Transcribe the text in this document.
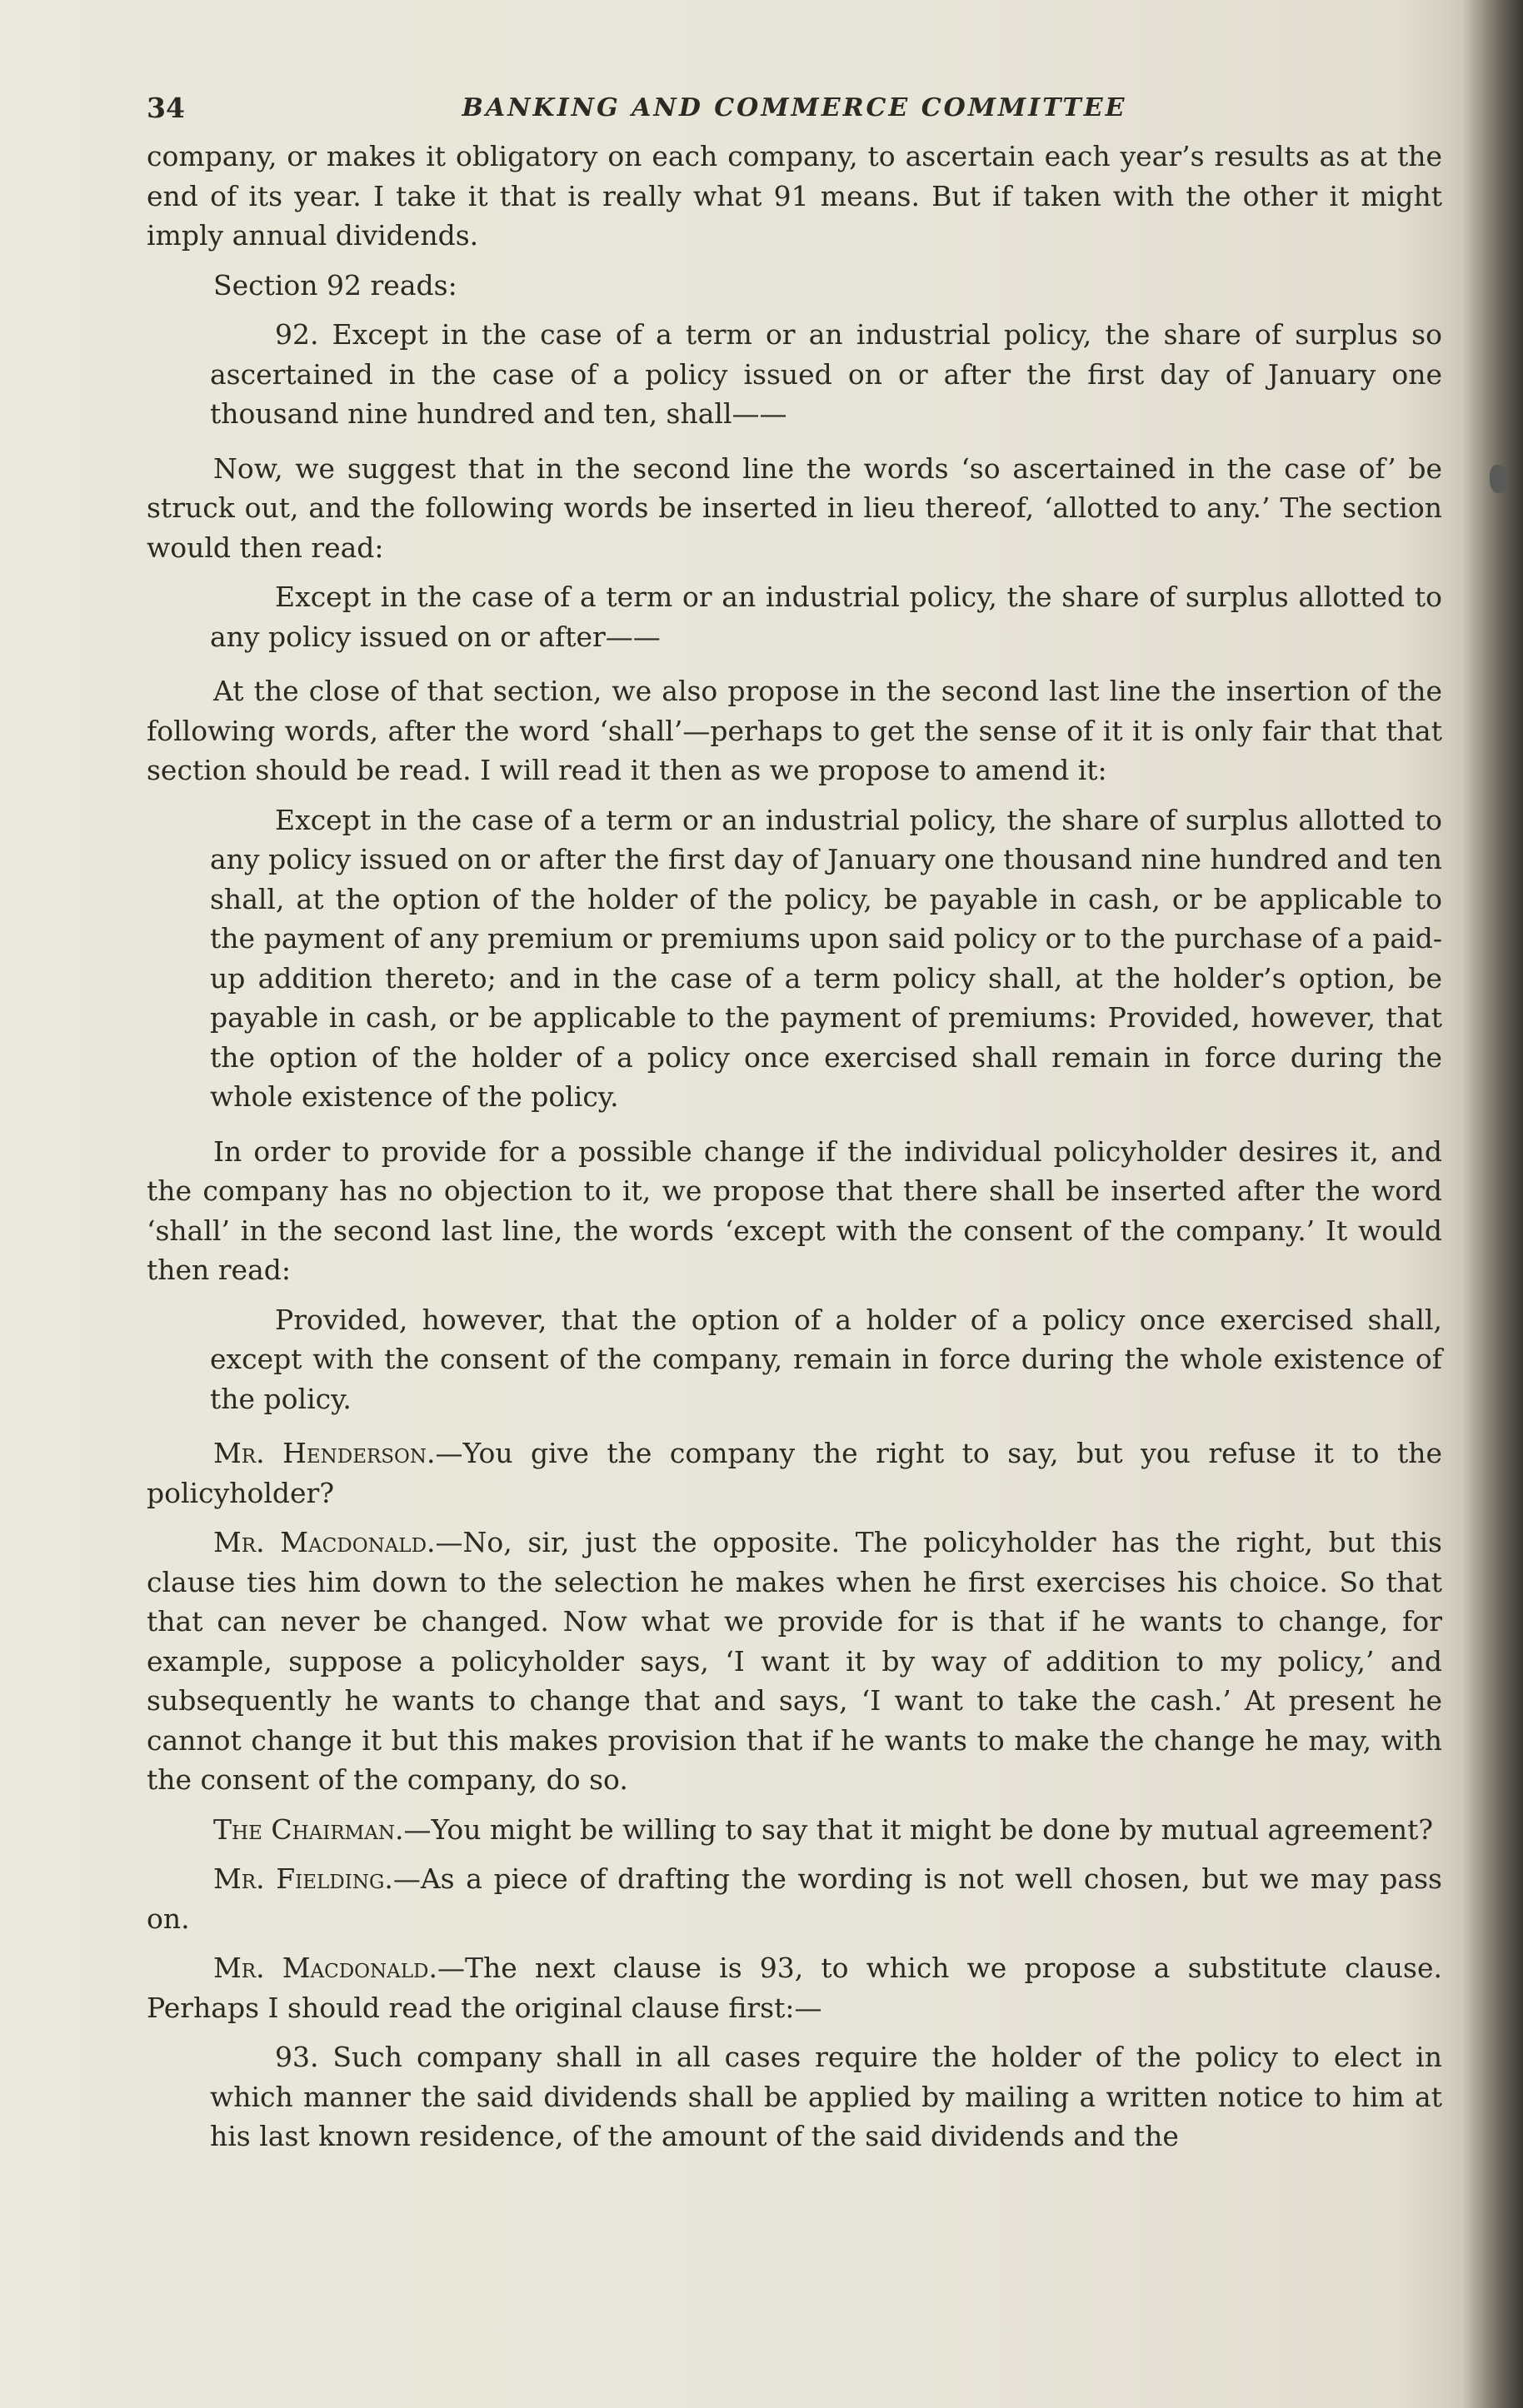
34	BANKING AND COMMERCE COMMITTEE

company, or makes it obligatory on each company, to ascertain each year’s results as at the end of its year. I take it that is really what 91 means. But if taken with the other it might imply annual dividends.

Section 92 reads:

92. Except in the case of a term or an industrial policy, the share of surplus so ascertained in the case of a policy issued on or after the first day of January one thousand nine hundred and ten, shall——

Now, we suggest that in the second line the words ‘so ascertained in the case of’ be struck out, and the following words be inserted in lieu thereof, ‘allotted to any.’ The section would then read:

Except in the case of a term or an industrial policy, the share of surplus allotted to any policy issued on or after——

At the close of that section, we also propose in the second last line the insertion of the following words, after the word ‘shall’—perhaps to get the sense of it it is only fair that that section should be read. I will read it then as we propose to amend it:

Except in the case of a term or an industrial policy, the share of surplus allotted to any policy issued on or after the first day of January one thousand nine hundred and ten shall, at the option of the holder of the policy, be payable in cash, or be applicable to the payment of any premium or premiums upon said policy or to the purchase of a paid-up addition thereto; and in the case of a term policy shall, at the holder’s option, be payable in cash, or be applicable to the payment of premiums: Provided, however, that the option of the holder of a policy once exercised shall remain in force during the whole existence of the policy.

In order to provide for a possible change if the individual policyholder desires it, and the company has no objection to it, we propose that there shall be inserted after the word ‘shall’ in the second last line, the words ‘except with the consent of the company.’ It would then read:

Provided, however, that the option of a holder of a policy once exercised shall, except with the consent of the company, remain in force during the whole existence of the policy.

Mr. Henderson.—You give the company the right to say, but you refuse it to the policyholder?

Mr. Macdonald.—No, sir, just the opposite. The policyholder has the right, but this clause ties him down to the selection he makes when he first exercises his choice. So that that can never be changed. Now what we provide for is that if he wants to change, for example, suppose a policyholder says, ‘I want it by way of addition to my policy,’ and subsequently he wants to change that and says, ‘I want to take the cash.’ At present he cannot change it but this makes provision that if he wants to make the change he may, with the consent of the company, do so.

The Chairman.—You might be willing to say that it might be done by mutual agreement?

Mr. Fielding.—As a piece of drafting the wording is not well chosen, but we may pass on.

Mr. Macdonald.—The next clause is 93, to which we propose a substitute clause. Perhaps I should read the original clause first:—

93. Such company shall in all cases require the holder of the policy to elect in which manner the said dividends shall be applied by mailing a written notice to him at his last known residence, of the amount of the said dividends and the
